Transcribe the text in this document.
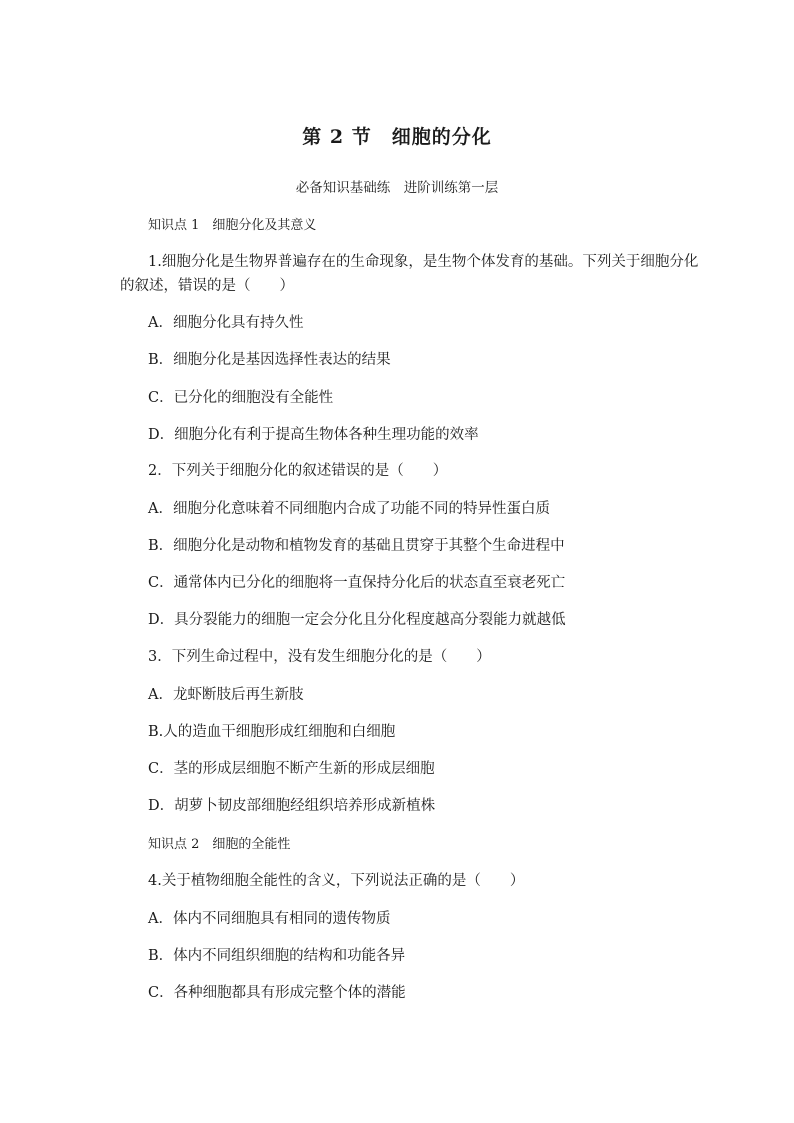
第 2 节　细胞的分化
必备知识基础练　进阶训练第一层
知识点 1　细胞分化及其意义
1.细胞分化是生物界普遍存在的生命现象，是生物个体发育的基础。下列关于细胞分化
的叙述，错误的是（　　）
A．细胞分化具有持久性
B．细胞分化是基因选择性表达的结果
C．已分化的细胞没有全能性
D．细胞分化有利于提高生物体各种生理功能的效率
2．下列关于细胞分化的叙述错误的是（　　）
A．细胞分化意味着不同细胞内合成了功能不同的特异性蛋白质
B．细胞分化是动物和植物发育的基础且贯穿于其整个生命进程中
C．通常体内已分化的细胞将一直保持分化后的状态直至衰老死亡
D．具分裂能力的细胞一定会分化且分化程度越高分裂能力就越低
3．下列生命过程中，没有发生细胞分化的是（　　）
A．龙虾断肢后再生新肢
B.人的造血干细胞形成红细胞和白细胞
C．茎的形成层细胞不断产生新的形成层细胞
D．胡萝卜韧皮部细胞经组织培养形成新植株
知识点 2　细胞的全能性
4.关于植物细胞全能性的含义，下列说法正确的是（　　）
A．体内不同细胞具有相同的遗传物质
B．体内不同组织细胞的结构和功能各异
C．各种细胞都具有形成完整个体的潜能
